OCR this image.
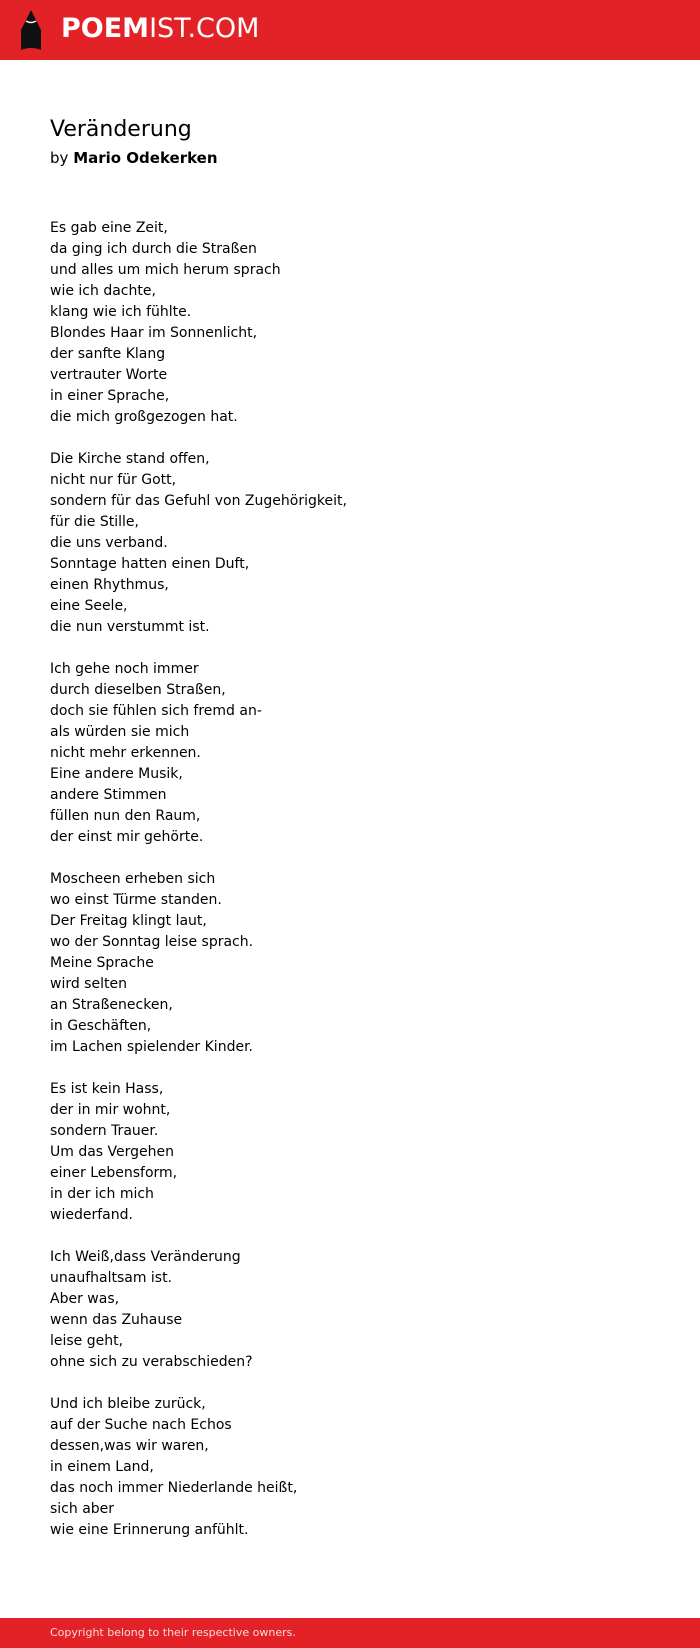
POEMIST.COM
Veränderung
by Mario Odekerken
Es gab eine Zeit,
da ging ich durch die Straßen
und alles um mich herum sprach
wie ich dachte,
klang wie ich fühlte.
Blondes Haar im Sonnenlicht,
der sanfte Klang
vertrauter Worte
in einer Sprache,
die mich großgezogen hat.
Die Kirche stand offen,
nicht nur für Gott,
sondern für das Gefuhl von Zugehörigkeit,
für die Stille,
die uns verband.
Sonntage hatten einen Duft,
einen Rhythmus,
eine Seele,
die nun verstummt ist.
Ich gehe noch immer
durch dieselben Straßen,
doch sie fühlen sich fremd an-
als würden sie mich
nicht mehr erkennen.
Eine andere Musik,
andere Stimmen
füllen nun den Raum,
der einst mir gehörte.
Moscheen erheben sich
wo einst Türme standen.
Der Freitag klingt laut,
wo der Sonntag leise sprach.
Meine Sprache
wird selten
an Straßenecken,
in Geschäften,
im Lachen spielender Kinder.
Es ist kein Hass,
der in mir wohnt,
sondern Trauer.
Um das Vergehen
einer Lebensform,
in der ich mich
wiederfand.
Ich Weiß,dass Veränderung
unaufhaltsam ist.
Aber was,
wenn das Zuhause
leise geht,
ohne sich zu verabschieden?
Und ich bleibe zurück,
auf der Suche nach Echos
dessen,was wir waren,
in einem Land,
das noch immer Niederlande heißt,
sich aber
wie eine Erinnerung anfühlt.
Copyright belong to their respective owners.
